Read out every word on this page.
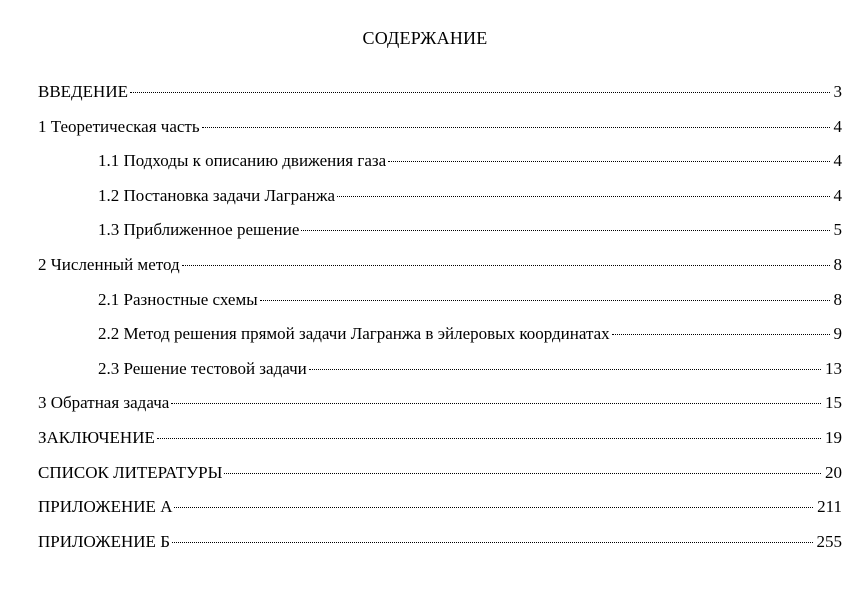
СОДЕРЖАНИЕ
ВВЕДЕНИЕ	3
1 Теоретическая часть	4
1.1 Подходы к описанию движения газа	4
1.2 Постановка задачи Лагранжа	4
1.3 Приближенное решение	5
2 Численный метод	8
2.1 Разностные схемы	8
2.2 Метод решения прямой задачи Лагранжа в эйлеровых координатах	9
2.3 Решение тестовой задачи	13
3 Обратная задача	15
ЗАКЛЮЧЕНИЕ	19
СПИСОК ЛИТЕРАТУРЫ	20
ПРИЛОЖЕНИЕ А	211
ПРИЛОЖЕНИЕ Б	255
